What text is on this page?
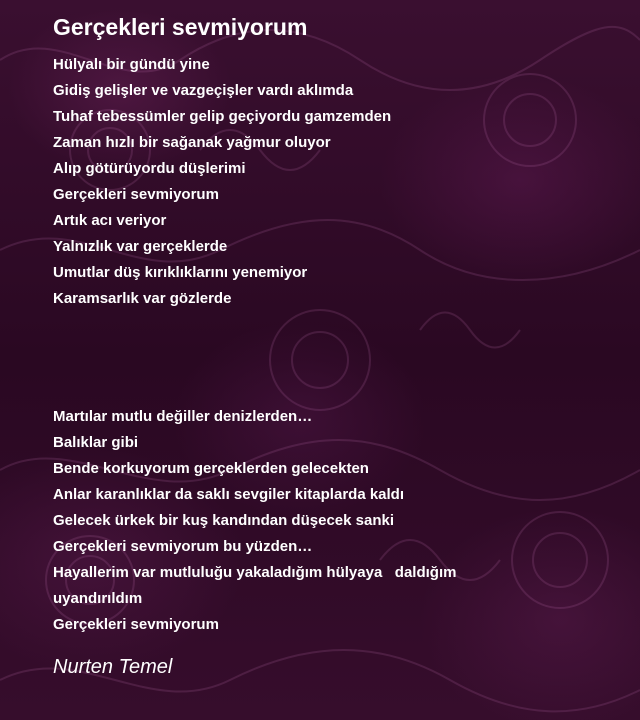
Gerçekleri sevmiyorum
Hülyalı bir gündü yine
Gidiş gelişler ve vazgeçişler vardı aklımda
Tuhaf tebessümler gelip geçiyordu gamzemden
Zaman hızlı bir sağanak yağmur oluyor
Alıp götürüyordu düşlerimi
Gerçekleri sevmiyorum
Artık acı veriyor
Yalnızlık var gerçeklerde
Umutlar düş kırıklıklarını yenemiyor
Karamsarlık var gözlerde
Martılar mutlu değiller denizlerden…
Balıklar gibi
Bende korkuyorum gerçeklerden gelecekten
Anlar karanlıklar da saklı sevgiler kitaplarda kaldı
Gelecek ürkek bir kuş kandından düşecek sanki
Gerçekleri sevmiyorum bu yüzden…
Hayallerim var mutluluğu yakaladığım hülyaya   daldığım
uyandırıldım
Gerçekleri sevmiyorum
Nurten Temel
